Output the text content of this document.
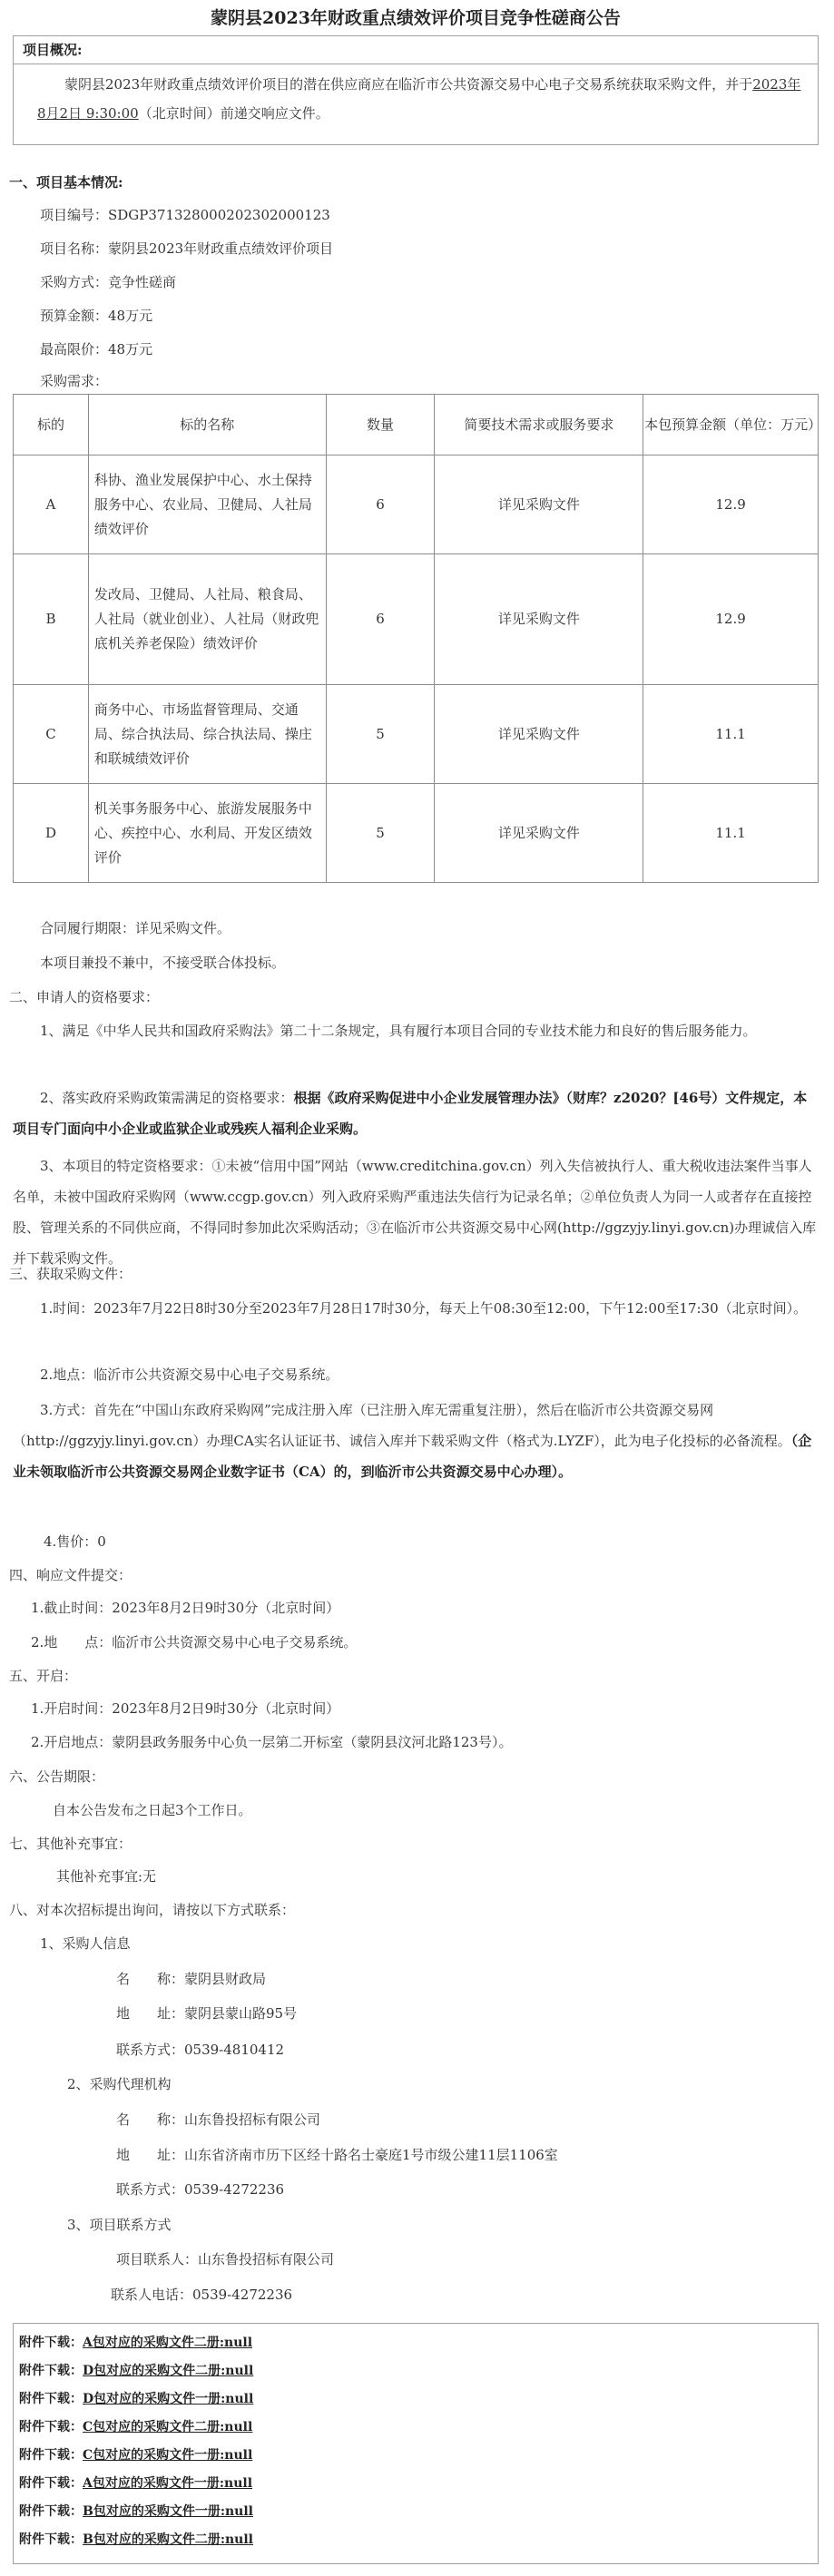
蒙阴县2023年财政重点绩效评价项目竞争性磋商公告
项目概况:
蒙阴县2023年财政重点绩效评价项目的潜在供应商应在临沂市公共资源交易中心电子交易系统获取采购文件，并于2023年8月2日 9:30:00（北京时间）前递交响应文件。
一、项目基本情况:
项目编号：SDGP371328000202302000123
项目名称：蒙阴县2023年财政重点绩效评价项目
采购方式：竞争性磋商
预算金额：48万元
最高限价：48万元
采购需求：
标的	标的名称	数量	简要技术需求或服务要求	本包预算金额（单位：万元）
A	科协、渔业发展保护中心、水土保持服务中心、农业局、卫健局、人社局绩效评价	6	详见采购文件	12.9
B	发改局、卫健局、人社局、粮食局、人社局（就业创业）、人社局（财政兜底机关养老保险）绩效评价	6	详见采购文件	12.9
C	商务中心、市场监督管理局、交通局、综合执法局、综合执法局、操庄和联城绩效评价	5	详见采购文件	11.1
D	机关事务服务中心、旅游发展服务中心、疾控中心、水利局、开发区绩效评价	5	详见采购文件	11.1
合同履行期限：详见采购文件。
本项目兼投不兼中，不接受联合体投标。
二、申请人的资格要求：
1、满足《中华人民共和国政府采购法》第二十二条规定，具有履行本项目合同的专业技术能力和良好的售后服务能力。
2、落实政府采购政策需满足的资格要求：根据《政府采购促进中小企业发展管理办法》（财库？z2020？[46号）文件规定，本项目专门面向中小企业或监狱企业或残疾人福利企业采购。
3、本项目的特定资格要求：①未被“信用中国”网站（www.creditchina.gov.cn）列入失信被执行人、重大税收违法案件当事人名单，未被中国政府采购网（www.ccgp.gov.cn）列入政府采购严重违法失信行为记录名单；②单位负责人为同一人或者存在直接控股、管理关系的不同供应商，不得同时参加此次采购活动；③在临沂市公共资源交易中心网(http://ggzyjy.linyi.gov.cn)办理诚信入库并下载采购文件。
三、获取采购文件：
1.时间：2023年7月22日8时30分至2023年7月28日17时30分，每天上午08:30至12:00，下午12:00至17:30（北京时间）。
2.地点：临沂市公共资源交易中心电子交易系统。
3.方式：首先在“中国山东政府采购网”完成注册入库（已注册入库无需重复注册），然后在临沂市公共资源交易网（http://ggzyjy.linyi.gov.cn）办理CA实名认证证书、诚信入库并下载采购文件（格式为.LYZF），此为电子化投标的必备流程。（企业未领取临沂市公共资源交易网企业数字证书（CA）的，到临沂市公共资源交易中心办理）。
4.售价：0
四、响应文件提交：
1.截止时间：2023年8月2日9时30分（北京时间）
2.地　　点：临沂市公共资源交易中心电子交易系统。
五、开启：
1.开启时间：2023年8月2日9时30分（北京时间）
2.开启地点：蒙阴县政务服务中心负一层第二开标室（蒙阴县汶河北路123号）。
六、公告期限：
自本公告发布之日起3个工作日。
七、其他补充事宜：
其他补充事宜:无
八、对本次招标提出询问，请按以下方式联系：
1、采购人信息
名　　称：蒙阴县财政局
地　　址：蒙阴县蒙山路95号
联系方式：0539-4810412
2、采购代理机构
名　　称：山东鲁投招标有限公司
地　　址：山东省济南市历下区经十路名士豪庭1号市级公建11层1106室
联系方式：0539-4272236
3、项目联系方式
项目联系人：山东鲁投招标有限公司
联系人电话：0539-4272236
附件下载：A包对应的采购文件二册:null
附件下载：D包对应的采购文件二册:null
附件下载：D包对应的采购文件一册:null
附件下载：C包对应的采购文件二册:null
附件下载：C包对应的采购文件一册:null
附件下载：A包对应的采购文件一册:null
附件下载：B包对应的采购文件一册:null
附件下载：B包对应的采购文件二册:null
